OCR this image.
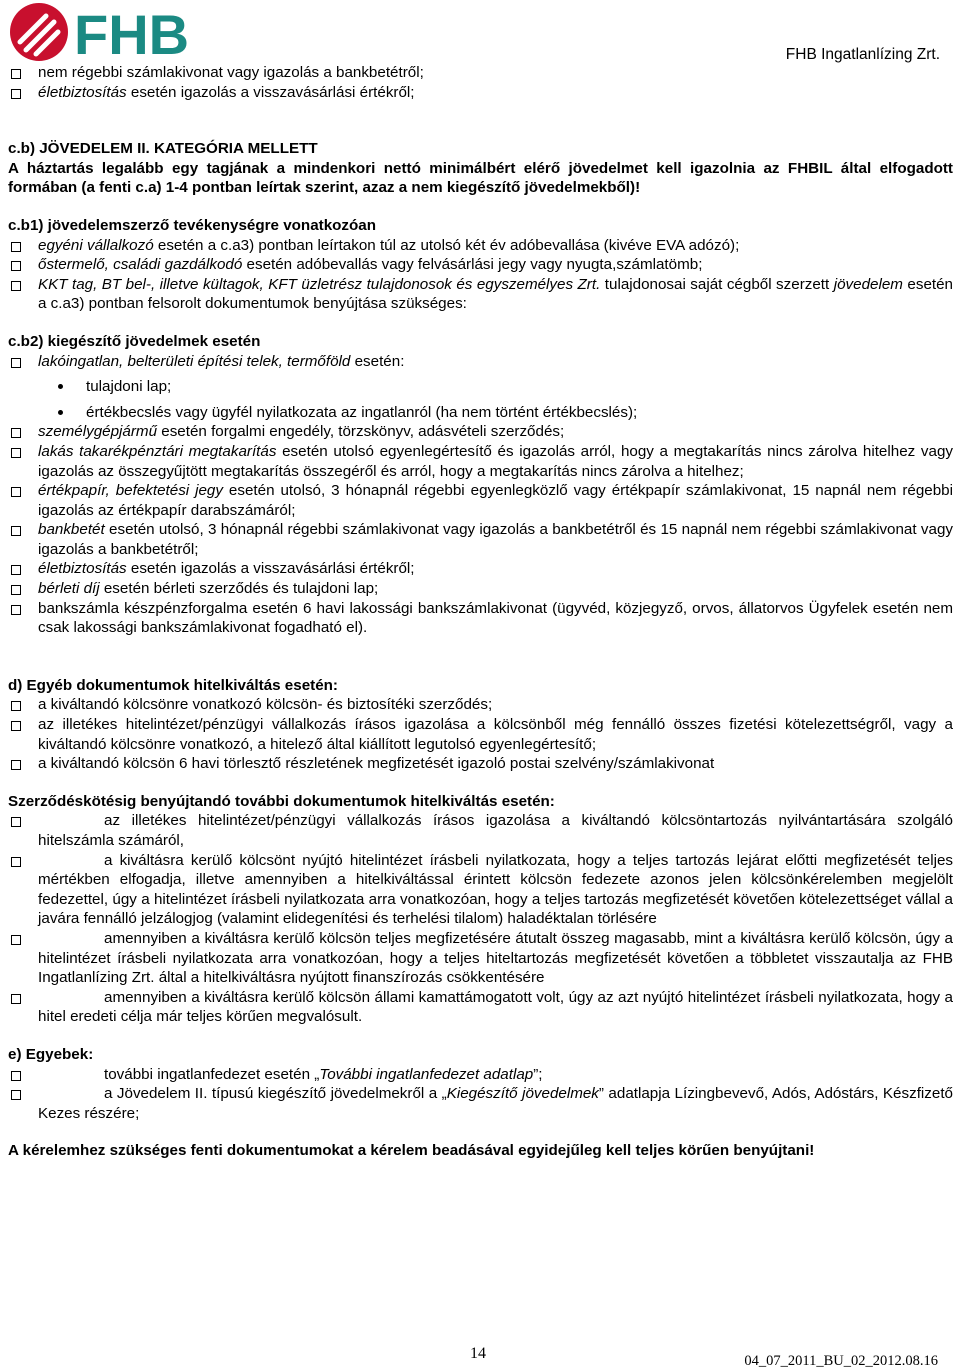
FHB	FHB Ingatlanlízing Zrt.
nem régebbi számlakivonat vagy igazolás a bankbetétről;
életbiztosítás esetén igazolás a visszavásárlási értékről;
c.b) JÖVEDELEM II. KATEGÓRIA MELLETT
A háztartás legalább egy tagjának a mindenkori nettó minimálbért elérő jövedelmet kell igazolnia az FHBIL által elfogadott formában (a fenti c.a) 1-4 pontban leírtak szerint, azaz a nem kiegészítő jövedelmekből)!
c.b1) jövedelemszerző tevékenységre vonatkozóan
egyéni vállalkozó esetén a c.a3) pontban leírtakon túl az utolsó két év adóbevallása (kivéve EVA adózó);
őstermelő, családi gazdálkodó esetén adóbevallás vagy felvásárlási jegy vagy nyugta,számlatömb;
KKT tag, BT bel-, illetve kültagok, KFT üzletrész tulajdonosok és egyszemélyes Zrt. tulajdonosai saját cégből szerzett jövedelem esetén a c.a3) pontban felsorolt dokumentumok benyújtása szükséges:
c.b2) kiegészítő jövedelmek esetén
lakóingatlan, belterületi építési telek, termőföld esetén:
tulajdoni lap;
értékbecslés vagy ügyfél nyilatkozata az ingatlanról (ha nem történt értékbecslés);
személygépjármű esetén forgalmi engedély, törzskönyv, adásvételi szerződés;
lakás takarékpénztári megtakarítás esetén utolsó egyenlegértesítő és igazolás arról, hogy a megtakarítás nincs zárolva hitelhez vagy igazolás az összegyűjtött megtakarítás összegéről és arról, hogy a megtakarítás nincs zárolva a hitelhez;
értékpapír, befektetési jegy esetén utolsó, 3 hónapnál régebbi egyenlegközlő vagy értékpapír számlakivonat, 15 napnál nem régebbi igazolás az értékpapír darabszámáról;
bankbetét esetén utolsó, 3 hónapnál régebbi számlakivonat vagy igazolás a bankbetétről és 15 napnál nem régebbi számlakivonat vagy igazolás a bankbetétről;
életbiztosítás esetén igazolás a visszavásárlási értékről;
bérleti díj esetén bérleti szerződés és tulajdoni lap;
bankszámla készpénzforgalma esetén 6 havi lakossági bankszámlakivonat (ügyvéd, közjegyző, orvos, állatorvos Ügyfelek esetén nem csak lakossági bankszámlakivonat fogadható el).
d) Egyéb dokumentumok hitelkiváltás esetén:
a kiváltandó kölcsönre vonatkozó kölcsön- és biztosítéki szerződés;
az illetékes hitelintézet/pénzügyi vállalkozás írásos igazolása a kölcsönből még fennálló összes fizetési kötelezettségről, vagy a kiváltandó kölcsönre vonatkozó, a hitelező által kiállított legutolsó egyenlegértesítő;
a kiváltandó kölcsön 6 havi törlesztő részletének megfizetését igazoló postai szelvény/számlakivonat
Szerződéskötésig benyújtandó további dokumentumok hitelkiváltás esetén:
az illetékes hitelintézet/pénzügyi vállalkozás írásos igazolása a kiváltandó kölcsöntartozás nyilvántartására szolgáló hitelszámla számáról,
a kiváltásra kerülő kölcsönt nyújtó hitelintézet írásbeli nyilatkozata, hogy a teljes tartozás lejárat előtti megfizetését teljes mértékben elfogadja, illetve amennyiben a hitelkiváltással érintett kölcsön fedezete azonos jelen kölcsönkérelemben megjelölt fedezettel, úgy a hitelintézet írásbeli nyilatkozata arra vonatkozóan, hogy a teljes tartozás megfizetését követően kötelezettséget vállal a javára fennálló jelzálogjog (valamint elidegenítési és terhelési tilalom) haladéktalan törlésére
amennyiben a kiváltásra kerülő kölcsön teljes megfizetésére átutalt összeg magasabb, mint a kiváltásra kerülő kölcsön, úgy a hitelintézet írásbeli nyilatkozata arra vonatkozóan, hogy a teljes hiteltartozás megfizetését követően a többletet visszautalja az FHB Ingatlanlízing Zrt. által a hitelkiváltásra nyújtott finanszírozás csökkentésére
amennyiben a kiváltásra kerülő kölcsön állami kamattámogatott volt, úgy az azt nyújtó hitelintézet írásbeli nyilatkozata, hogy a hitel eredeti célja már teljes körűen megvalósult.
e) Egyebek:
további ingatlanfedezet esetén „További ingatlanfedezet adatlap”;
a Jövedelem II. típusú kiegészítő jövedelmekről a „Kiegészítő jövedelmek” adatlapja Lízingbevevő, Adós, Adóstárs, Készfizető Kezes részére;
A kérelemhez szükséges fenti dokumentumokat a kérelem beadásával egyidejűleg kell teljes körűen benyújtani!
14	04_07_2011_BU_02_2012.08.16
